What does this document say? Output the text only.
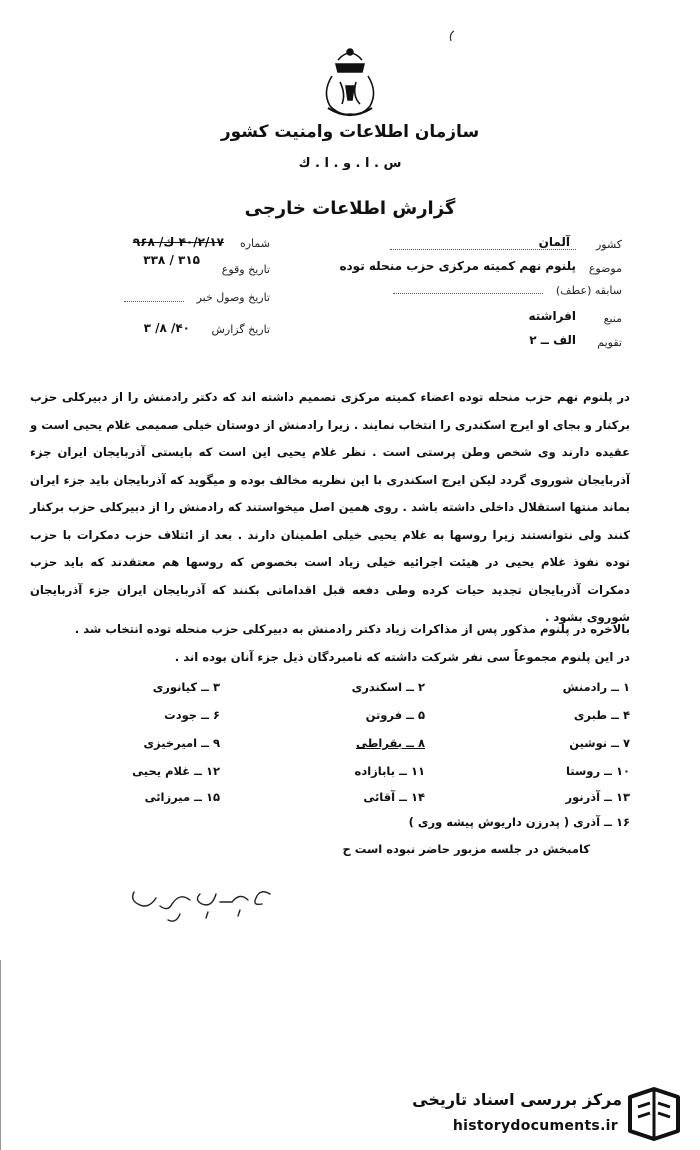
سازمان اطلاعات وامنیت کشور
س . ا . و . ا . ك
گزارش اطلاعات خارجی
شماره
۴۰/۲/۱۷ ك/ ۹۶۸
تاریخ وقوع
۳۱۵ / ۳۳۸
تاریخ وصول خبر
تاریخ گزارش
۴۰/ ۸/ ۳
کشور
آلمان
موضوع
پلنوم نهم کمیته مرکزی حزب منحله توده
سابقه (عطف)
منبع
افراشته
تقویم
الف ــ ۲
در پلنوم نهم حزب منحله توده اعضاء کمیته مرکزی تصمیم داشته اند که دکتر رادمنش را از دبیرکلی حزب برکنار و بجای او ایرج اسکندری را انتخاب نمایند . زیرا رادمنش از دوستان خیلی صمیمی غلام یحیی است و عقیده دارند وی شخص وطن پرستی است . نظر غلام یحیی این است که بایستی آذربایجان ایران جزء آذربایجان شوروی گردد لیکن ایرج اسکندری با این نظریه مخالف بوده و میگوید که آذربایجان باید جزء ایران بماند منتها استقلال داخلی داشته باشد . روی همین اصل میخواستند که رادمنش را از دبیرکلی حزب برکنار کنند ولی نتوانستند زیرا روسها به غلام یحیی خیلی اطمینان دارند . بعد از ائتلاف حزب دمکرات با حزب توده نفوذ غلام یحیی در هیئت اجرائیه خیلی زیاد است بخصوص که روسها هم معتقدند که باید حزب دمکرات آذربایجان تجدید حیات کرده وطی دفعه قبل اقداماتی بکنند که آذربایجان ایران جزء آذربایجان شوروی بشود .
بالاخره در پلنوم مذکور پس از مذاکرات زیاد دکتر رادمنش به دبیرکلی حزب منحله توده انتخاب شد .
در این پلنوم مجموعاً سی نفر شرکت داشته که نامبردگان ذیل جزء آنان بوده اند .
۱ ــ رادمنش
۲ ــ اسکندری
۳ ــ کیانوری
۴ ــ طبری
۵ ــ فروتن
۶ ــ جودت
۷ ــ نوشین
۸ ــ بقراطی
۹ ــ امیرخیزی
۱۰ ــ روستا
۱۱ ــ بابازاده
۱۲ ــ غلام یحیی
۱۳ ــ آذرنور
۱۴ ــ آقائی
۱۵ ــ میرزائی
۱۶ ــ آذری ( پدرزن داریوش پیشه وری )
کامبخش در جلسه مزبور حاضر نبوده است ح
مرکز بررسی اسناد تاریخی
historydocuments.ir
